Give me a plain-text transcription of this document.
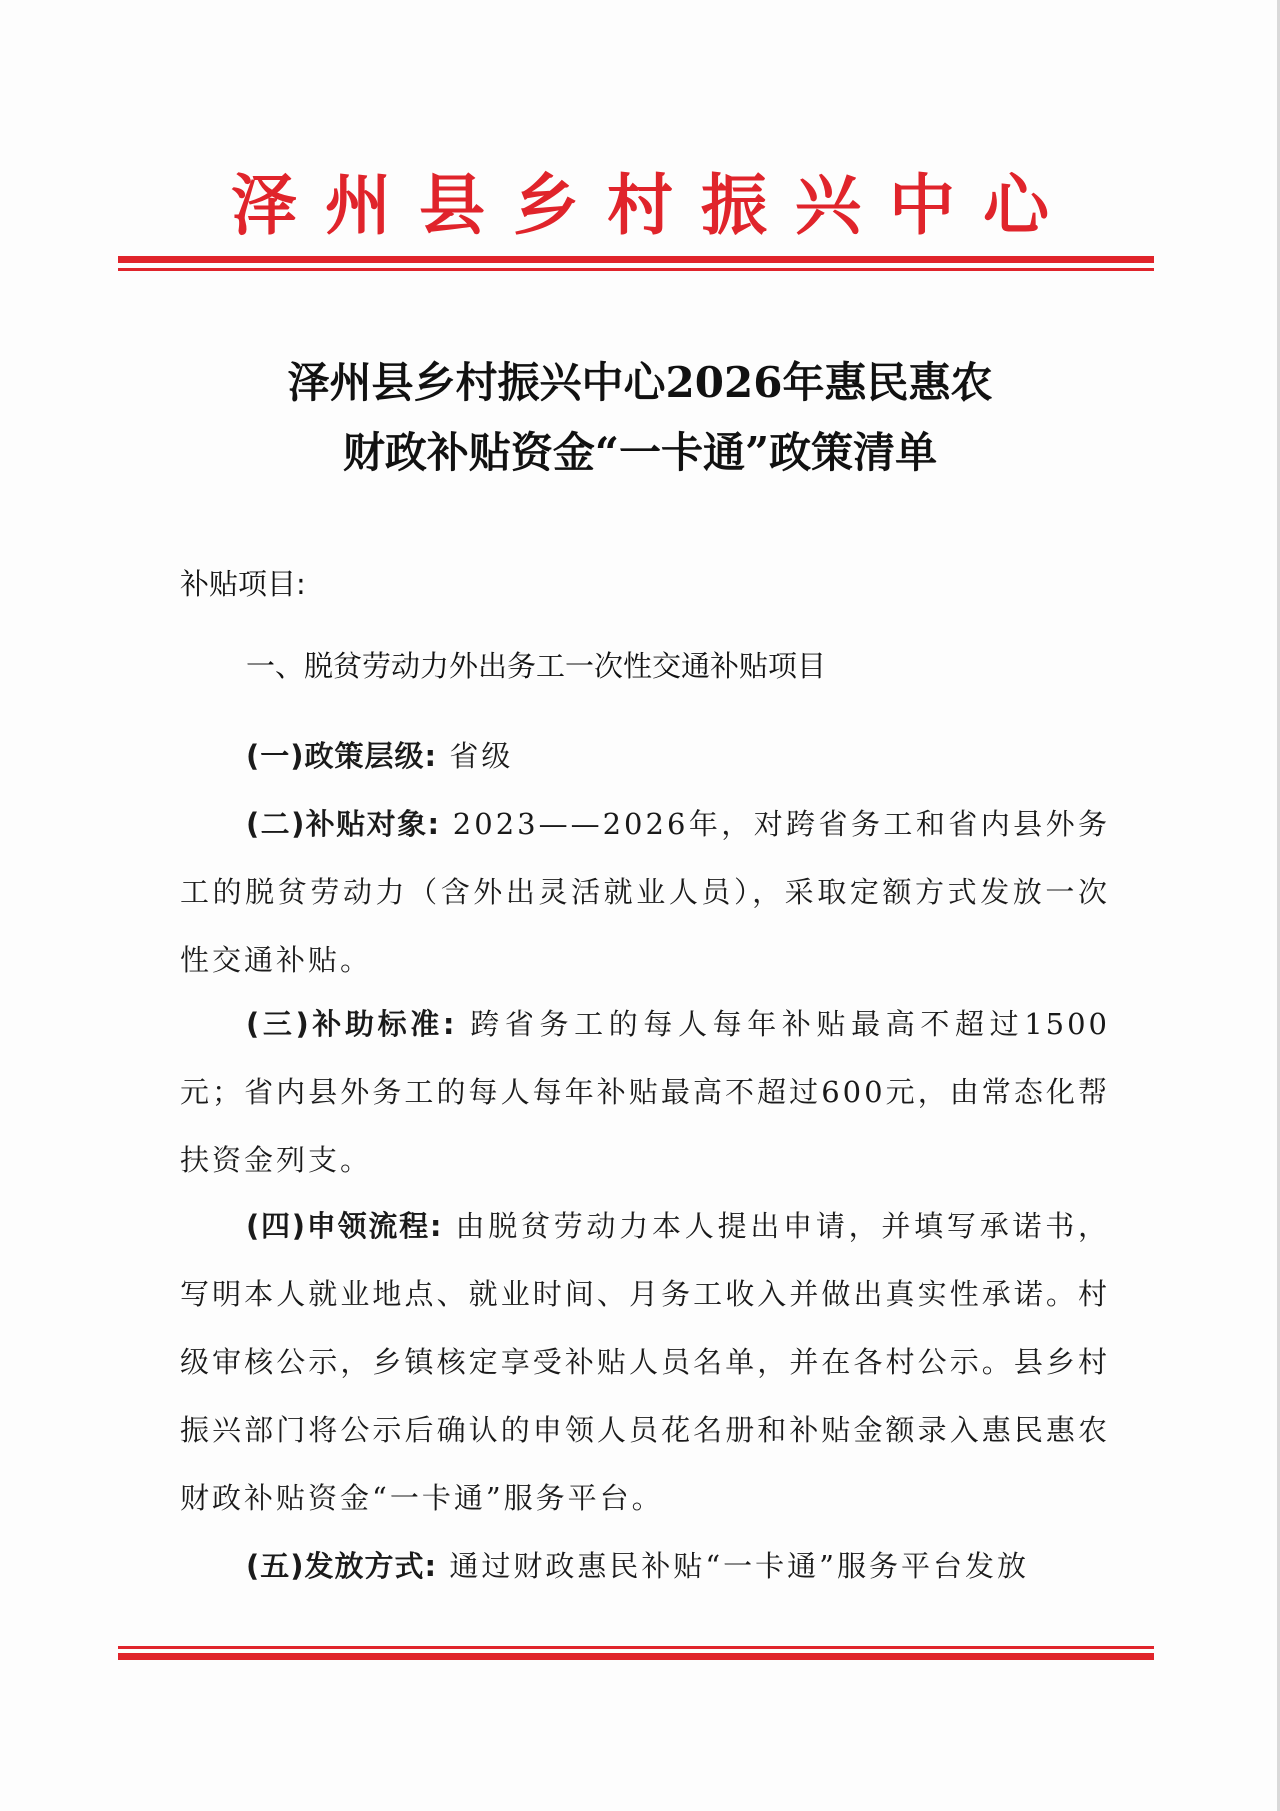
泽州县乡村振兴中心
泽州县乡村振兴中心2026年惠民惠农
财政补贴资金“一卡通”政策清单
补贴项目:
一、脱贫劳动力外出务工一次性交通补贴项目
(一)政策层级: 省级
(二)补贴对象: 2023——2026年，对跨省务工和省内县外务工的脱贫劳动力（含外出灵活就业人员），采取定额方式发放一次性交通补贴。
(三)补助标准: 跨省务工的每人每年补贴最高不超过1500元；省内县外务工的每人每年补贴最高不超过600元，由常态化帮扶资金列支。
(四)申领流程: 由脱贫劳动力本人提出申请，并填写承诺书，写明本人就业地点、就业时间、月务工收入并做出真实性承诺。村级审核公示，乡镇核定享受补贴人员名单，并在各村公示。县乡村振兴部门将公示后确认的申领人员花名册和补贴金额录入惠民惠农财政补贴资金“一卡通”服务平台。
(五)发放方式: 通过财政惠民补贴“一卡通”服务平台发放
